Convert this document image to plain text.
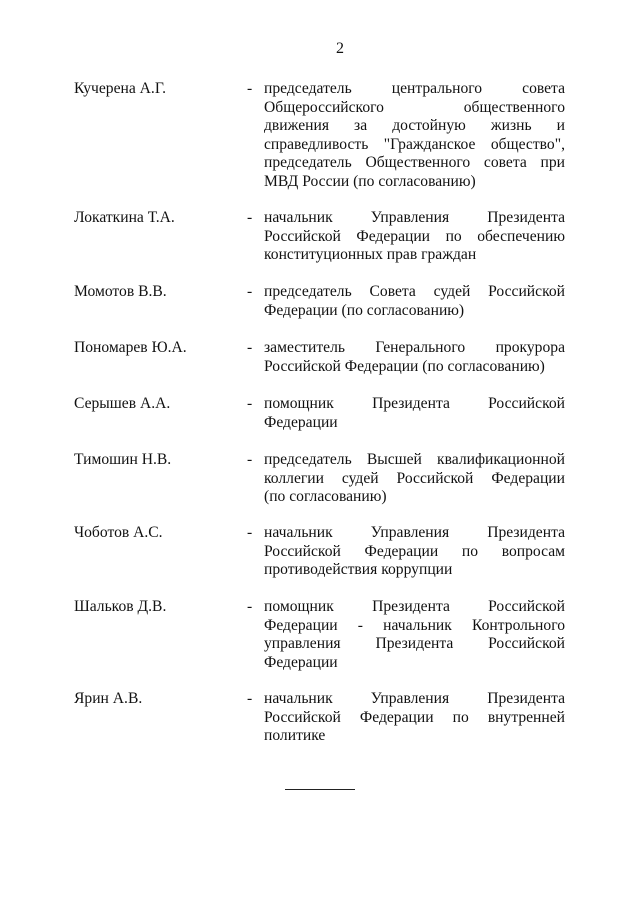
2
Кучерена А.Г.	- председатель центрального совета
Общероссийского общественного
движения за достойную жизнь и
справедливость "Гражданское общество",
председатель Общественного совета при
МВД России (по согласованию)
Локаткина Т.А.	- начальник Управления Президента
Российской Федерации по обеспечению
конституционных прав граждан
Момотов В.В.	- председатель Совета судей Российской
Федерации (по согласованию)
Пономарев Ю.А.	- заместитель Генерального прокурора
Российской Федерации (по согласованию)
Серышев А.А.	- помощник Президента Российской
Федерации
Тимошин Н.В.	- председатель Высшей квалификационной
коллегии судей Российской Федерации
(по согласованию)
Чоботов А.С.	- начальник Управления Президента
Российской Федерации по вопросам
противодействия коррупции
Шальков Д.В.	- помощник Президента Российской
Федерации - начальник Контрольного
управления Президента Российской
Федерации
Ярин А.В.	- начальник Управления Президента
Российской Федерации по внутренней
политике
